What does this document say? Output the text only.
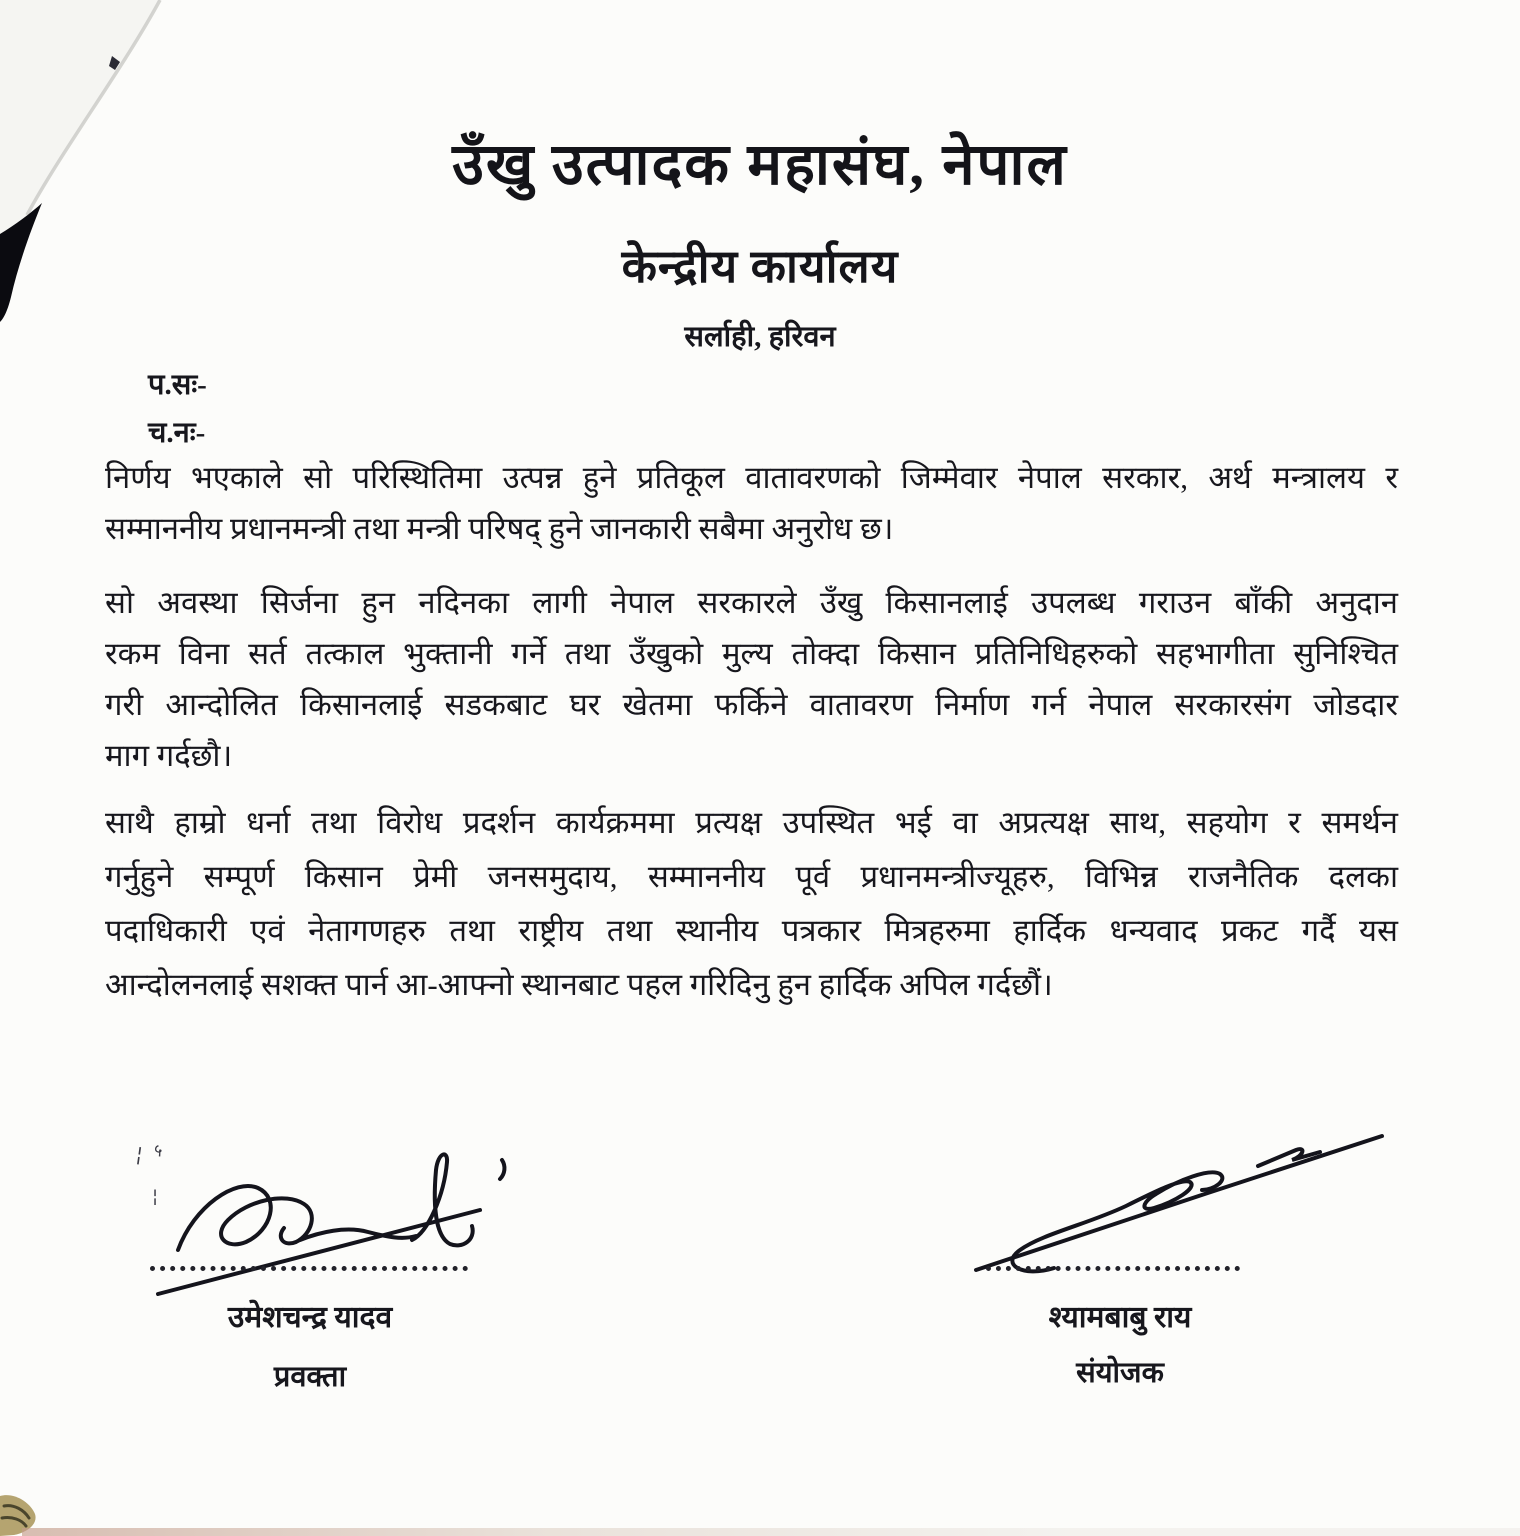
उँखु उत्पादक महासंघ, नेपाल
केन्द्रीय कार्यालय
सर्लाही, हरिवन
प.सः-
च.नः-
निर्णय भएकाले सो परिस्थितिमा उत्पन्न हुने प्रतिकूल वातावरणको जिम्मेवार नेपाल सरकार, अर्थ मन्त्रालय र
सम्माननीय प्रधानमन्त्री तथा मन्त्री परिषद् हुने जानकारी सबैमा अनुरोध छ।
सो अवस्था सिर्जना हुन नदिनका लागी नेपाल सरकारले उँखु किसानलाई उपलब्ध गराउन बाँकी अनुदान
रकम विना सर्त तत्काल भुक्तानी गर्ने तथा उँखुको मुल्य तोक्दा किसान प्रतिनिधिहरुको सहभागीता सुनिश्चित
गरी आन्दोलित किसानलाई सडकबाट घर खेतमा फर्किने वातावरण निर्माण गर्न नेपाल सरकारसंग जोडदार
माग गर्दछौ।
साथै हाम्रो धर्ना तथा विरोध प्रदर्शन कार्यक्रममा प्रत्यक्ष उपस्थित भई वा अप्रत्यक्ष साथ, सहयोग र समर्थन
गर्नुहुने सम्पूर्ण किसान प्रेमी जनसमुदाय, सम्माननीय पूर्व प्रधानमन्त्रीज्यूहरु, विभिन्न राजनैतिक दलका
पदाधिकारी एवं नेतागणहरु तथा राष्ट्रीय तथा स्थानीय पत्रकार मित्रहरुमा हार्दिक धन्यवाद प्रकट गर्दै यस
आन्दोलनलाई सशक्त पार्न आ-आफ्नो स्थानबाट पहल गरिदिनु हुन हार्दिक अपिल गर्दछौं।
¦ ५
¦
उमेशचन्द्र यादव
प्रवक्ता
श्यामबाबु राय
संयोजक
